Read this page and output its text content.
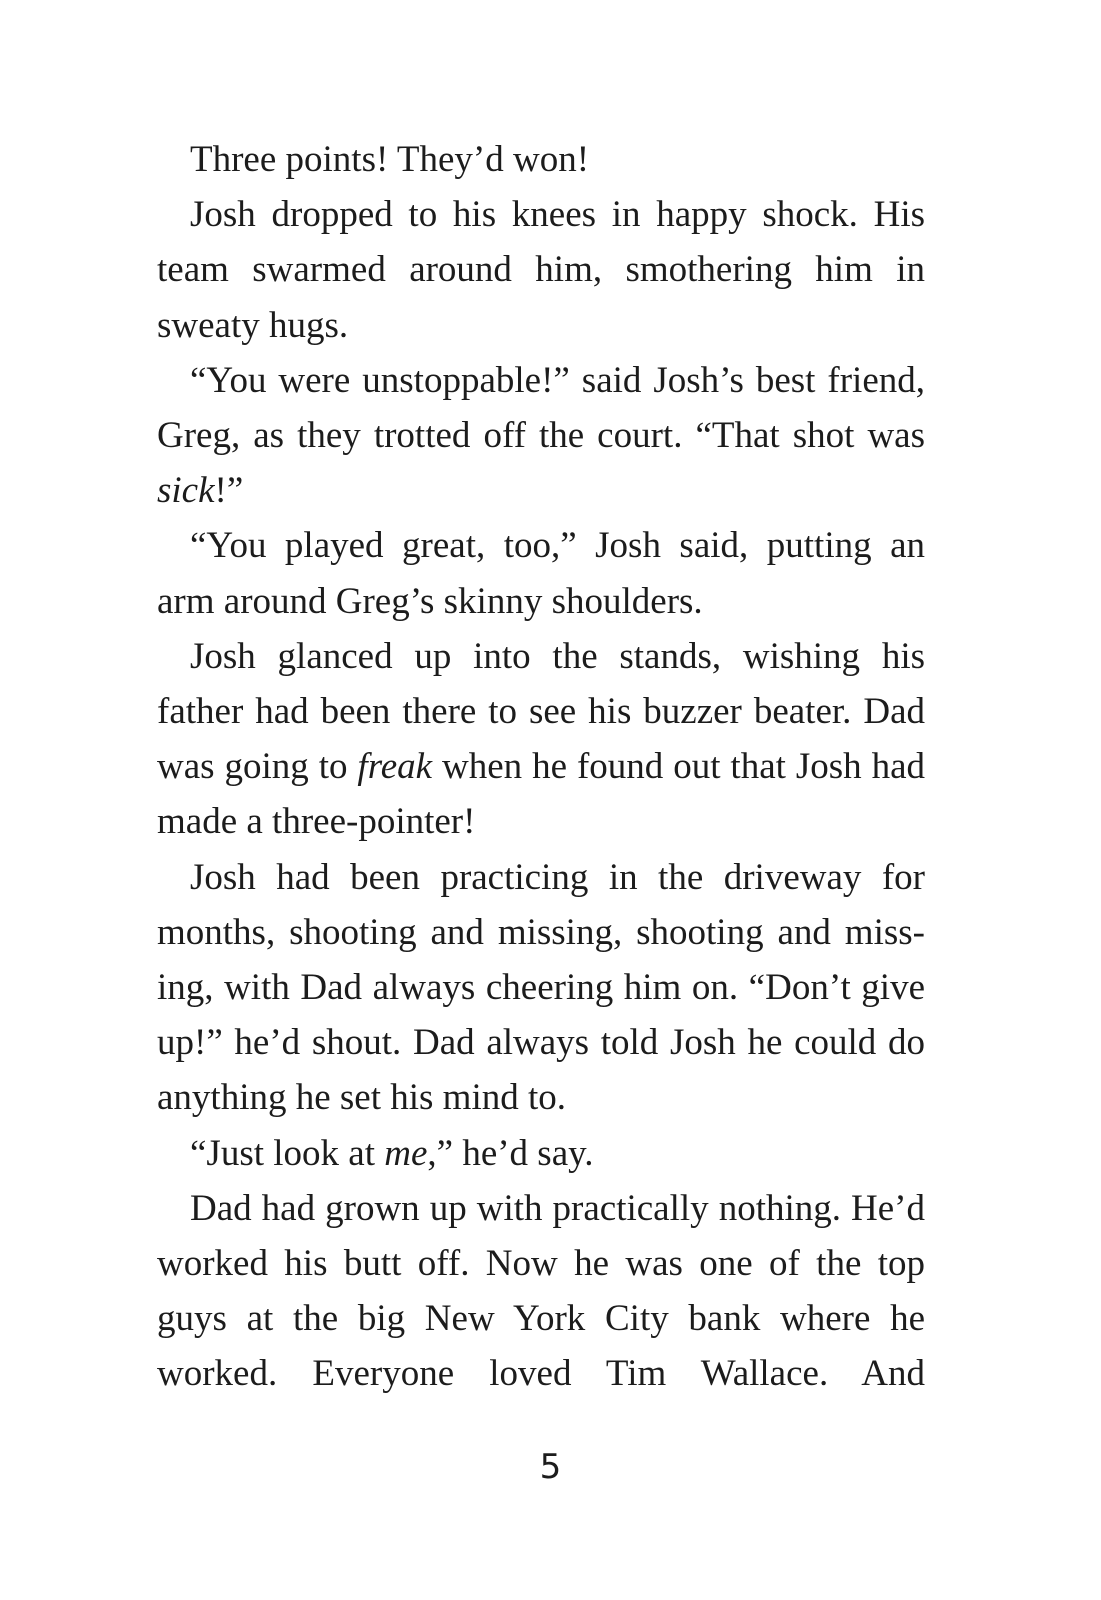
Three points! They’d won!

Josh dropped to his knees in happy shock. His team swarmed around him, smothering him in sweaty hugs.

“You were unstoppable!” said Josh’s best friend, Greg, as they trotted off the court. “That shot was sick!”

“You played great, too,” Josh said, putting an arm around Greg’s skinny shoulders.

Josh glanced up into the stands, wishing his father had been there to see his buzzer beater. Dad was going to freak when he found out that Josh had made a three-pointer!

Josh had been practicing in the driveway for months, shooting and missing, shooting and miss-ing, with Dad always cheering him on. “Don’t give up!” he’d shout. Dad always told Josh he could do anything he set his mind to.

“Just look at me,” he’d say.

Dad had grown up with practically nothing. He’d worked his butt off. Now he was one of the top guys at the big New York City bank where he worked. Everyone loved Tim Wallace. And

5
